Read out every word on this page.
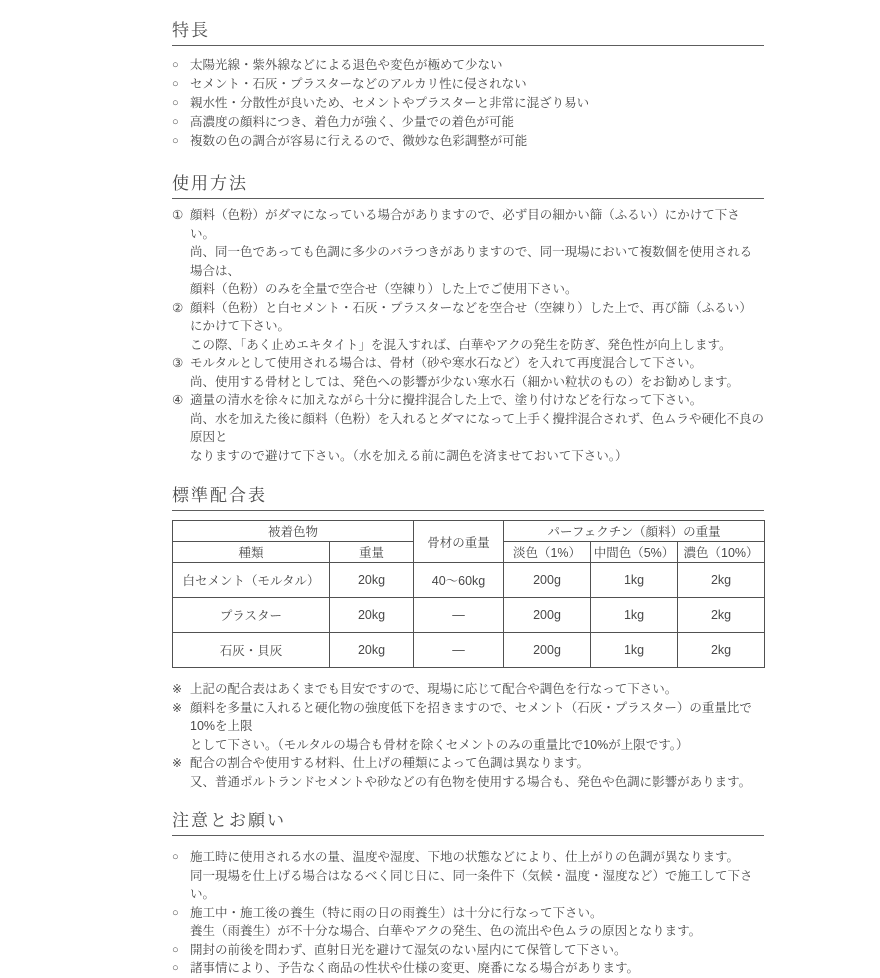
特長
○ 太陽光線・紫外線などによる退色や変色が極めて少ない
○ セメント・石灰・プラスターなどのアルカリ性に侵されない
○ 親水性・分散性が良いため、セメントやプラスターと非常に混ざり易い
○ 高濃度の顔料につき、着色力が強く、少量での着色が可能
○ 複数の色の調合が容易に行えるので、微妙な色彩調整が可能
使用方法
① 顔料（色粉）がダマになっている場合がありますので、必ず目の細かい篩（ふるい）にかけて下さい。
尚、同一色であっても色調に多少のバラつきがありますので、同一現場において複数個を使用される場合は、
顔料（色粉）のみを全量で空合せ（空練り）した上でご使用下さい。
② 顔料（色粉）と白セメント・石灰・プラスターなどを空合せ（空練り）した上で、再び篩（ふるい）にかけて下さい。
この際、「あく止めエキタイト」を混入すれば、白華やアクの発生を防ぎ、発色性が向上します。
③ モルタルとして使用される場合は、骨材（砂や寒水石など）を入れて再度混合して下さい。
尚、使用する骨材としては、発色への影響が少ない寒水石（細かい粒状のもの）をお勧めします。
④ 適量の清水を徐々に加えながら十分に攪拌混合した上で、塗り付けなどを行なって下さい。
尚、水を加えた後に顔料（色粉）を入れるとダマになって上手く攪拌混合されず、色ムラや硬化不良の原因と
なりますので避けて下さい。（水を加える前に調色を済ませておいて下さい。）
標準配合表
被着色物		骨材の重量	パーフェクチン（顔料）の重量		
種類	重量		淡色（1%）	中間色（5%）	濃色（10%）
白セメント（モルタル）	20kg	40〜60kg	200g	1kg	2kg
プラスター	20kg	—	200g	1kg	2kg
石灰・貝灰	20kg	—	200g	1kg	2kg
※ 上記の配合表はあくまでも目安ですので、現場に応じて配合や調色を行なって下さい。
※ 顔料を多量に入れると硬化物の強度低下を招きますので、セメント（石灰・プラスター）の重量比で10%を上限
として下さい。（モルタルの場合も骨材を除くセメントのみの重量比で10%が上限です。）
※ 配合の割合や使用する材料、仕上げの種類によって色調は異なります。
又、普通ポルトランドセメントや砂などの有色物を使用する場合も、発色や色調に影響があります。
注意とお願い
○ 施工時に使用される水の量、温度や湿度、下地の状態などにより、仕上がりの色調が異なります。
同一現場を仕上げる場合はなるべく同じ日に、同一条件下（気候・温度・湿度など）で施工して下さい。
○ 施工中・施工後の養生（特に雨の日の雨養生）は十分に行なって下さい。
養生（雨養生）が不十分な場合、白華やアクの発生、色の流出や色ムラの原因となります。
○ 開封の前後を問わず、直射日光を避けて湿気のない屋内にて保管して下さい。
○ 諸事情により、予告なく商品の性状や仕様の変更、廃番になる場合があります。
